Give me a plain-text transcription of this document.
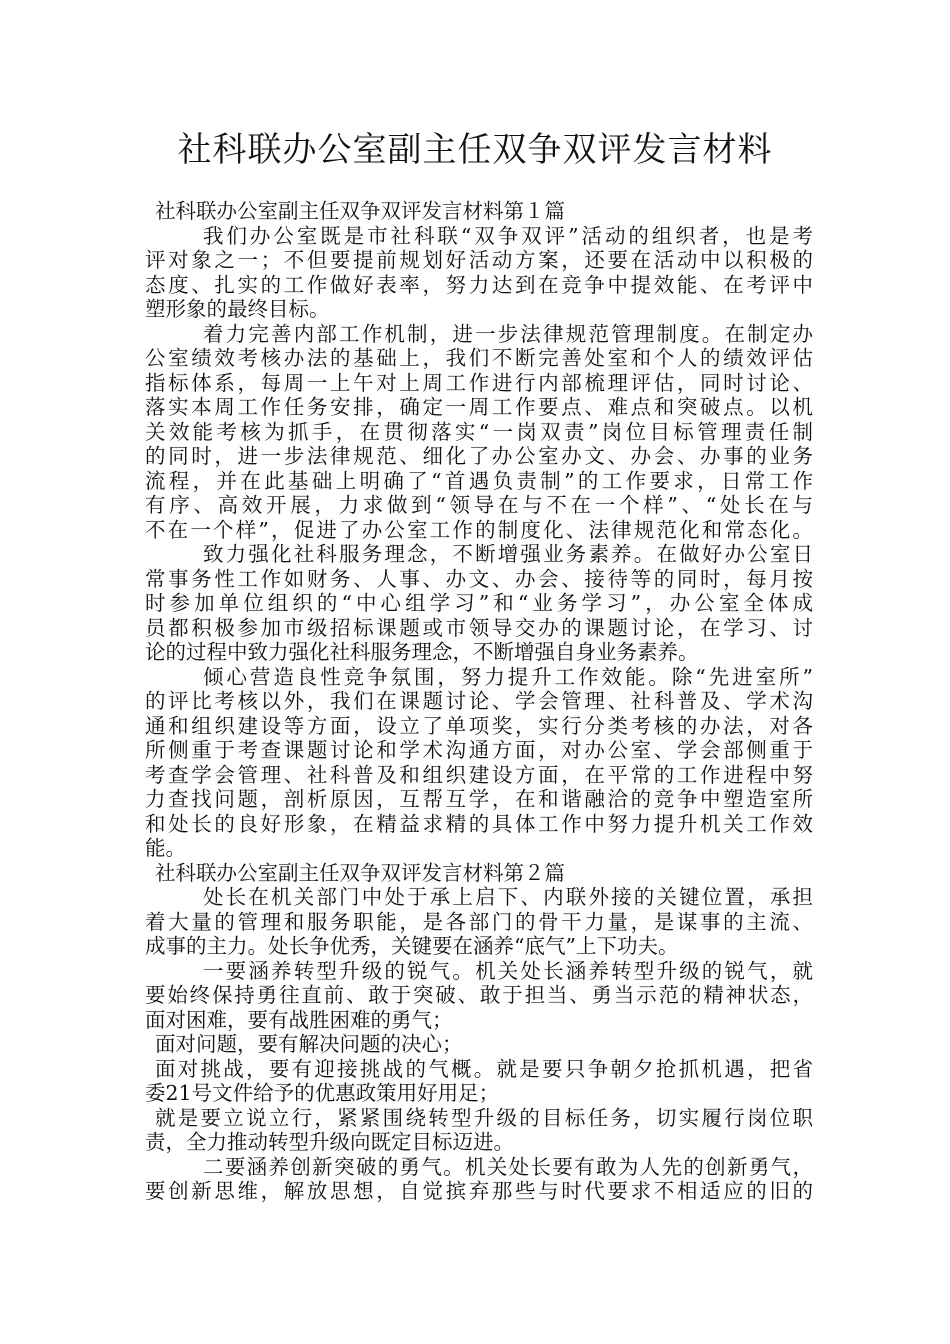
社科联办公室副主任双争双评发言材料
社科联办公室副主任双争双评发言材料第１篇
我们办公室既是市社科联“双争双评”活动的组织者，也是考
评对象之一；不但要提前规划好活动方案，还要在活动中以积极的
态度、扎实的工作做好表率，努力达到在竞争中提效能、在考评中
塑形象的最终目标。
着力完善内部工作机制，进一步法律规范管理制度。在制定办
公室绩效考核办法的基础上，我们不断完善处室和个人的绩效评估
指标体系，每周一上午对上周工作进行内部梳理评估，同时讨论、
落实本周工作任务安排，确定一周工作要点、难点和突破点。以机
关效能考核为抓手，在贯彻落实“一岗双责”岗位目标管理责任制
的同时，进一步法律规范、细化了办公室办文、办会、办事的业务
流程，并在此基础上明确了“首遇负责制”的工作要求，日常工作
有序、高效开展，力求做到“领导在与不在一个样”、“处长在与
不在一个样”，促进了办公室工作的制度化、法律规范化和常态化。
致力强化社科服务理念，不断增强业务素养。在做好办公室日
常事务性工作如财务、人事、办文、办会、接待等的同时，每月按
时参加单位组织的“中心组学习”和“业务学习”，办公室全体成
员都积极参加市级招标课题或市领导交办的课题讨论，在学习、讨
论的过程中致力强化社科服务理念，不断增强自身业务素养。
倾心营造良性竞争氛围，努力提升工作效能。除“先进室所”
的评比考核以外，我们在课题讨论、学会管理、社科普及、学术沟
通和组织建设等方面，设立了单项奖，实行分类考核的办法，对各
所侧重于考查课题讨论和学术沟通方面，对办公室、学会部侧重于
考查学会管理、社科普及和组织建设方面，在平常的工作进程中努
力查找问题，剖析原因，互帮互学，在和谐融洽的竞争中塑造室所
和处长的良好形象，在精益求精的具体工作中努力提升机关工作效
能。
社科联办公室副主任双争双评发言材料第２篇
处长在机关部门中处于承上启下、内联外接的关键位置，承担
着大量的管理和服务职能，是各部门的骨干力量，是谋事的主流、
成事的主力。处长争优秀，关键要在涵养“底气”上下功夫。
一要涵养转型升级的锐气。机关处长涵养转型升级的锐气，就
要始终保持勇往直前、敢于突破、敢于担当、勇当示范的精神状态，
面对困难，要有战胜困难的勇气；
面对问题，要有解决问题的决心；
面对挑战，要有迎接挑战的气概。就是要只争朝夕抢抓机遇，把省
委21号文件给予的优惠政策用好用足；
就是要立说立行，紧紧围绕转型升级的目标任务，切实履行岗位职
责，全力推动转型升级向既定目标迈进。
二要涵养创新突破的勇气。机关处长要有敢为人先的创新勇气，
要创新思维，解放思想，自觉摈弃那些与时代要求不相适应的旧的
